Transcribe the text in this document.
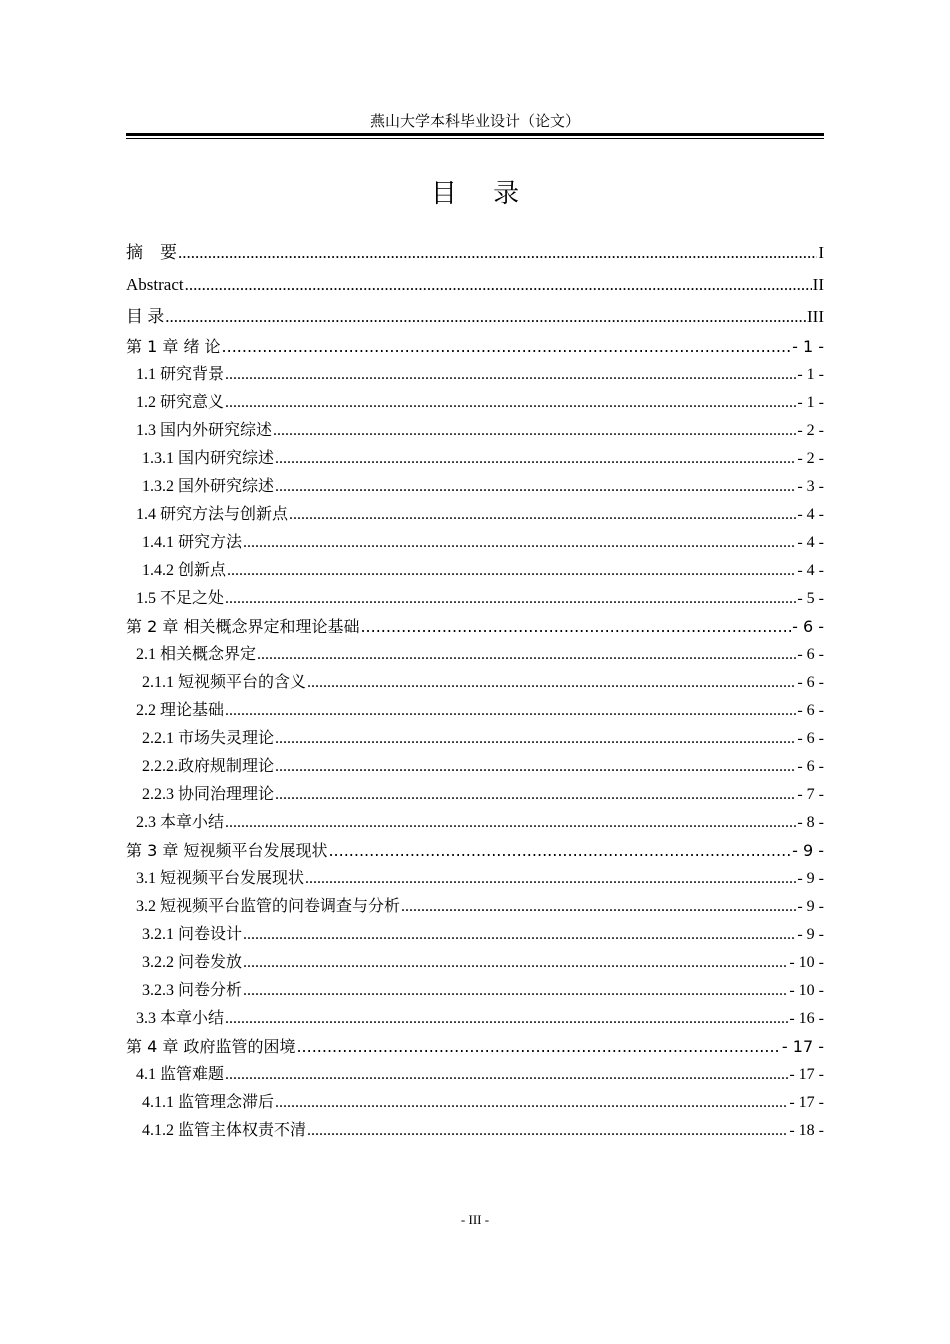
燕山大学本科毕业设计（论文）
目 录
摘　要 .....	I
Abstract .....	II
目 录 .....	III
第 1 章 绪 论 .....	- 1 -
1.1 研究背景 .....	- 1 -
1.2 研究意义 .....	- 1 -
1.3 国内外研究综述 .....	- 2 -
1.3.1 国内研究综述 .....	- 2 -
1.3.2 国外研究综述 .....	- 3 -
1.4 研究方法与创新点 .....	- 4 -
1.4.1 研究方法 .....	- 4 -
1.4.2 创新点 .....	- 4 -
1.5 不足之处 .....	- 5 -
第 2 章 相关概念界定和理论基础 .....	- 6 -
2.1 相关概念界定 .....	- 6 -
2.1.1 短视频平台的含义 .....	- 6 -
2.2 理论基础 .....	- 6 -
2.2.1 市场失灵理论 .....	- 6 -
2.2.2.政府规制理论 .....	- 6 -
2.2.3 协同治理理论 .....	- 7 -
2.3 本章小结 .....	- 8 -
第 3 章 短视频平台发展现状 .....	- 9 -
3.1 短视频平台发展现状 .....	- 9 -
3.2 短视频平台监管的问卷调查与分析 .....	- 9 -
3.2.1 问卷设计 .....	- 9 -
3.2.2 问卷发放 .....	- 10 -
3.2.3 问卷分析 .....	- 10 -
3.3 本章小结 .....	- 16 -
第 4 章 政府监管的困境 .....	- 17 -
4.1 监管难题 .....	- 17 -
4.1.1 监管理念滞后 .....	- 17 -
4.1.2 监管主体权责不清 .....	- 18 -
- III -
